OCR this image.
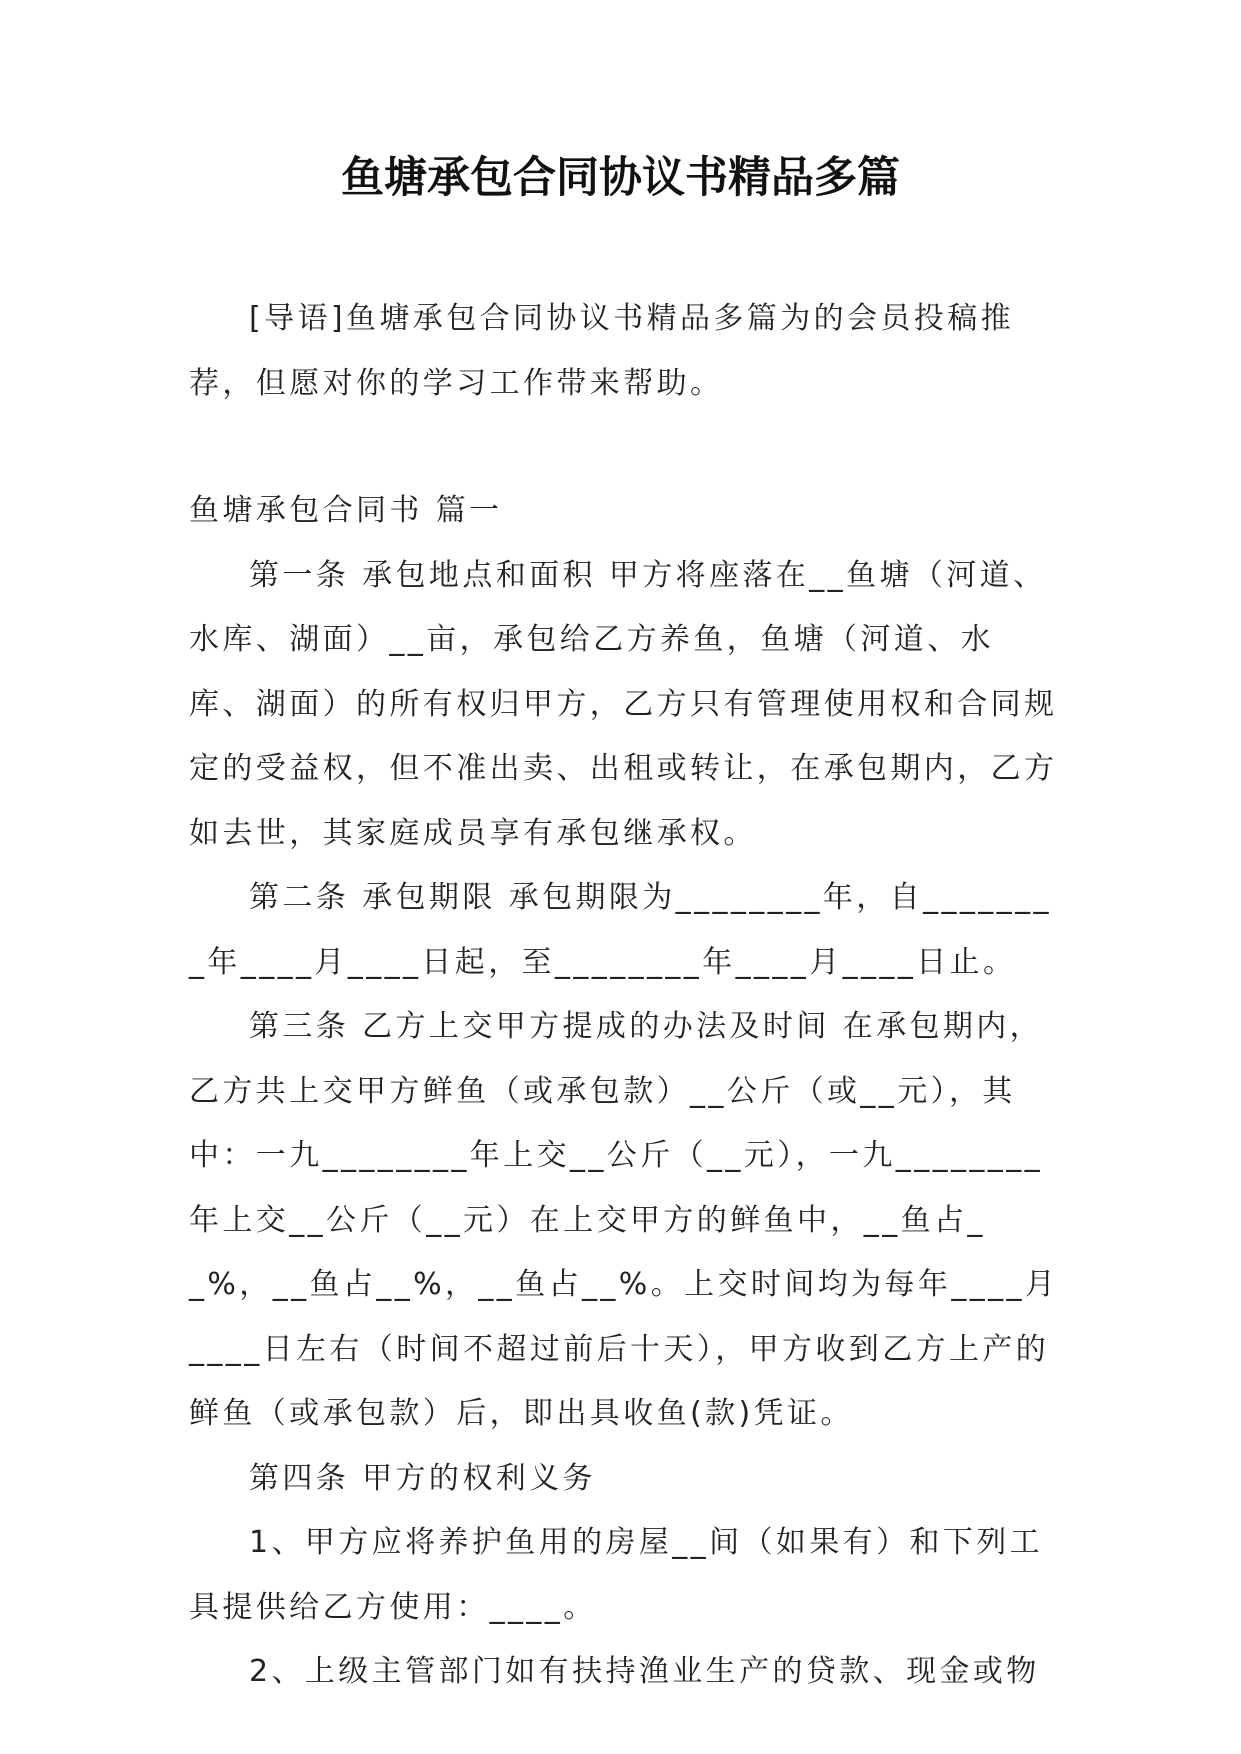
鱼塘承包合同协议书精品多篇

[导语]鱼塘承包合同协议书精品多篇为的会员投稿推荐，但愿对你的学习工作带来帮助。

鱼塘承包合同书 篇一

第一条 承包地点和面积 甲方将座落在__鱼塘（河道、水库、湖面）__亩，承包给乙方养鱼，鱼塘（河道、水库、湖面）的所有权归甲方，乙方只有管理使用权和合同规定的受益权，但不准出卖、出租或转让，在承包期内，乙方如去世，其家庭成员享有承包继承权。

第二条 承包期限 承包期限为________年，自________年____月____日起，至________年____月____日止。

第三条 乙方上交甲方提成的办法及时间 在承包期内，乙方共上交甲方鲜鱼（或承包款）__公斤（或__元），其中：一九________年上交__公斤（__元），一九________年上交__公斤（__元）在上交甲方的鲜鱼中，__鱼占__%，__鱼占__%，__鱼占__%。上交时间均为每年____月____日左右（时间不超过前后十天），甲方收到乙方上产的鲜鱼（或承包款）后，即出具收鱼(款)凭证。

第四条 甲方的权利义务

1、甲方应将养护鱼用的房屋__间（如果有）和下列工具提供给乙方使用：____。

2、上级主管部门如有扶持渔业生产的贷款、现金或物
